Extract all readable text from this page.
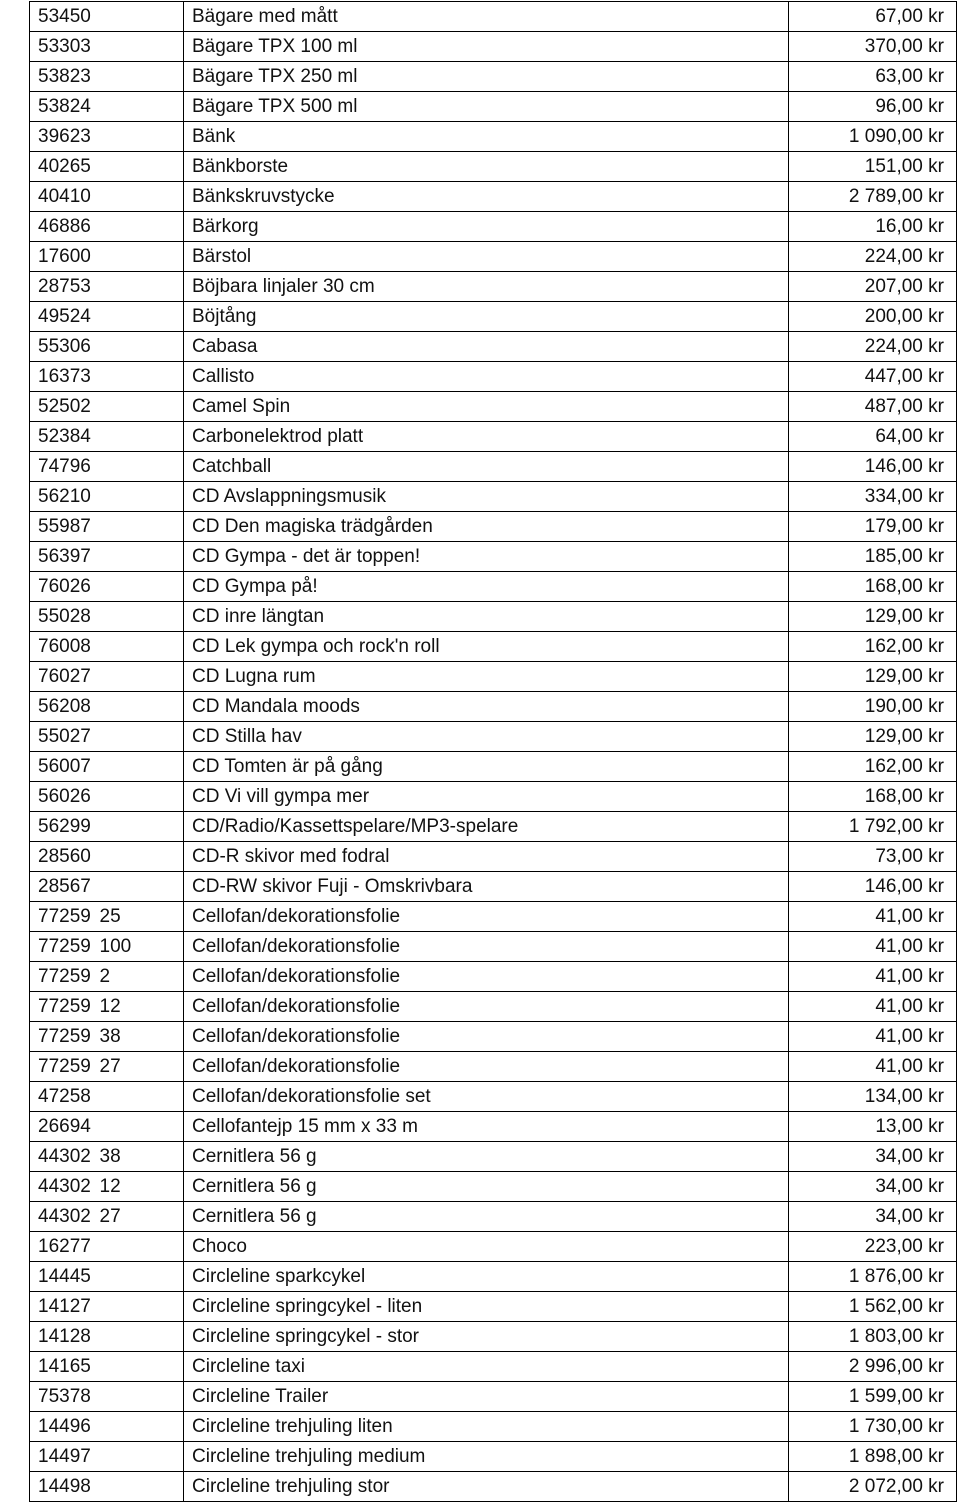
53450		Bägare med mått	67,00 kr
53303		Bägare TPX 100 ml	370,00 kr
53823		Bägare TPX 250 ml	63,00 kr
53824		Bägare TPX 500 ml	96,00 kr
39623		Bänk	1 090,00 kr
40265		Bänkborste	151,00 kr
40410		Bänkskruvstycke	2 789,00 kr
46886		Bärkorg	16,00 kr
17600		Bärstol	224,00 kr
28753		Böjbara linjaler 30 cm	207,00 kr
49524		Böjtång	200,00 kr
55306		Cabasa	224,00 kr
16373		Callisto	447,00 kr
52502		Camel Spin	487,00 kr
52384		Carbonelektrod platt	64,00 kr
74796		Catchball	146,00 kr
56210		CD Avslappningsmusik	334,00 kr
55987		CD Den magiska trädgården	179,00 kr
56397		CD Gympa - det är toppen!	185,00 kr
76026		CD Gympa på!	168,00 kr
55028		CD inre längtan	129,00 kr
76008		CD Lek gympa och rock'n roll	162,00 kr
76027		CD Lugna rum	129,00 kr
56208		CD Mandala moods	190,00 kr
55027		CD Stilla hav	129,00 kr
56007		CD Tomten är på gång	162,00 kr
56026		CD Vi vill gympa mer	168,00 kr
56299		CD/Radio/Kassettspelare/MP3-spelare	1 792,00 kr
28560		CD-R skivor med fodral	73,00 kr
28567		CD-RW skivor Fuji - Omskrivbara	146,00 kr
77259	25	Cellofan/dekorationsfolie	41,00 kr
77259	100	Cellofan/dekorationsfolie	41,00 kr
77259	2	Cellofan/dekorationsfolie	41,00 kr
77259	12	Cellofan/dekorationsfolie	41,00 kr
77259	38	Cellofan/dekorationsfolie	41,00 kr
77259	27	Cellofan/dekorationsfolie	41,00 kr
47258		Cellofan/dekorationsfolie set	134,00 kr
26694		Cellofantejp 15 mm x 33 m	13,00 kr
44302	38	Cernitlera 56 g	34,00 kr
44302	12	Cernitlera 56 g	34,00 kr
44302	27	Cernitlera 56 g	34,00 kr
16277		Choco	223,00 kr
14445		Circleline sparkcykel	1 876,00 kr
14127		Circleline springcykel - liten	1 562,00 kr
14128		Circleline springcykel - stor	1 803,00 kr
14165		Circleline taxi	2 996,00 kr
75378		Circleline Trailer	1 599,00 kr
14496		Circleline trehjuling liten	1 730,00 kr
14497		Circleline trehjuling medium	1 898,00 kr
14498		Circleline trehjuling stor	2 072,00 kr
